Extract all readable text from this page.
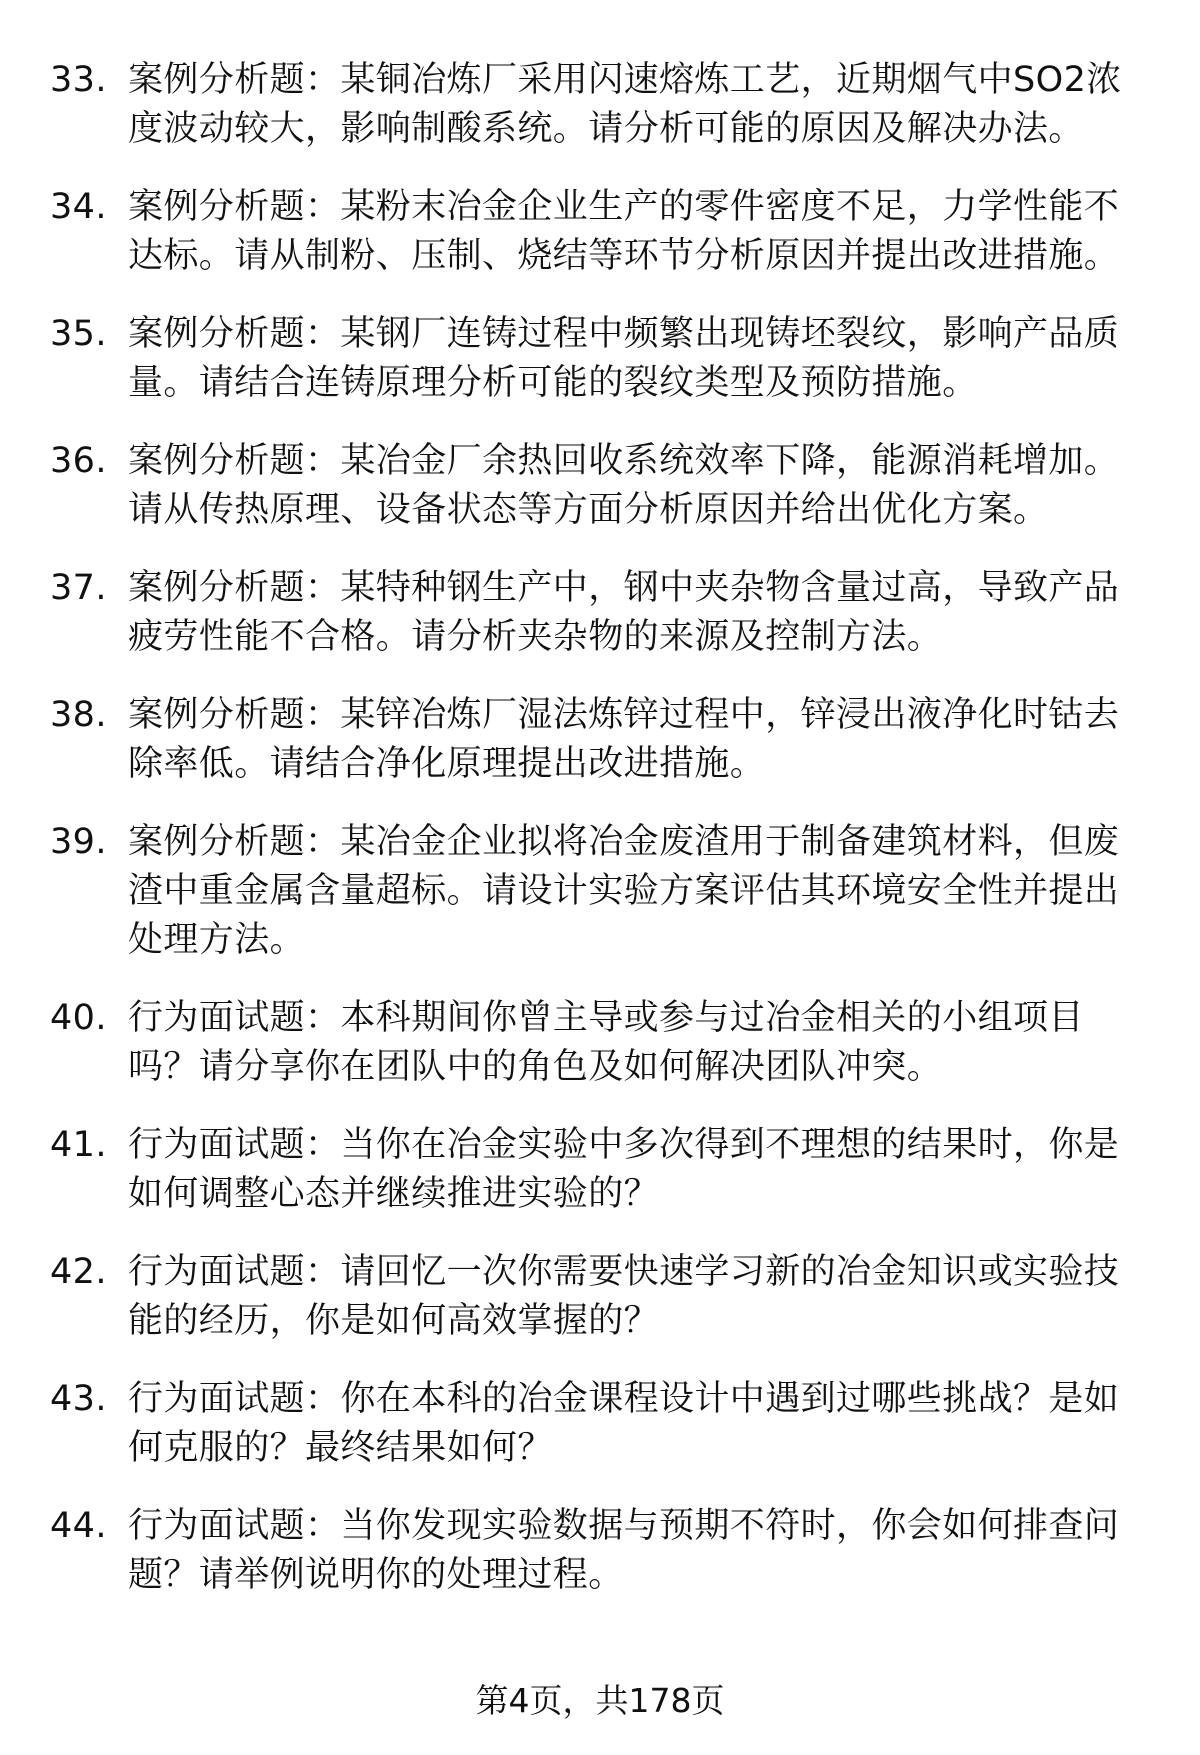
33. 案例分析题：某铜冶炼厂采用闪速熔炼工艺，近期烟气中SO2浓度波动较大，影响制酸系统。请分析可能的原因及解决办法。
34. 案例分析题：某粉末冶金企业生产的零件密度不足，力学性能不达标。请从制粉、压制、烧结等环节分析原因并提出改进措施。
35. 案例分析题：某钢厂连铸过程中频繁出现铸坯裂纹，影响产品质量。请结合连铸原理分析可能的裂纹类型及预防措施。
36. 案例分析题：某冶金厂余热回收系统效率下降，能源消耗增加。请从传热原理、设备状态等方面分析原因并给出优化方案。
37. 案例分析题：某特种钢生产中，钢中夹杂物含量过高，导致产品疲劳性能不合格。请分析夹杂物的来源及控制方法。
38. 案例分析题：某锌冶炼厂湿法炼锌过程中，锌浸出液净化时钴去除率低。请结合净化原理提出改进措施。
39. 案例分析题：某冶金企业拟将冶金废渣用于制备建筑材料，但废渣中重金属含量超标。请设计实验方案评估其环境安全性并提出处理方法。
40. 行为面试题：本科期间你曾主导或参与过冶金相关的小组项目吗？请分享你在团队中的角色及如何解决团队冲突。
41. 行为面试题：当你在冶金实验中多次得到不理想的结果时，你是如何调整心态并继续推进实验的？
42. 行为面试题：请回忆一次你需要快速学习新的冶金知识或实验技能的经历，你是如何高效掌握的？
43. 行为面试题：你在本科的冶金课程设计中遇到过哪些挑战？是如何克服的？最终结果如何？
44. 行为面试题：当你发现实验数据与预期不符时，你会如何排查问题？请举例说明你的处理过程。
第4页，共178页
